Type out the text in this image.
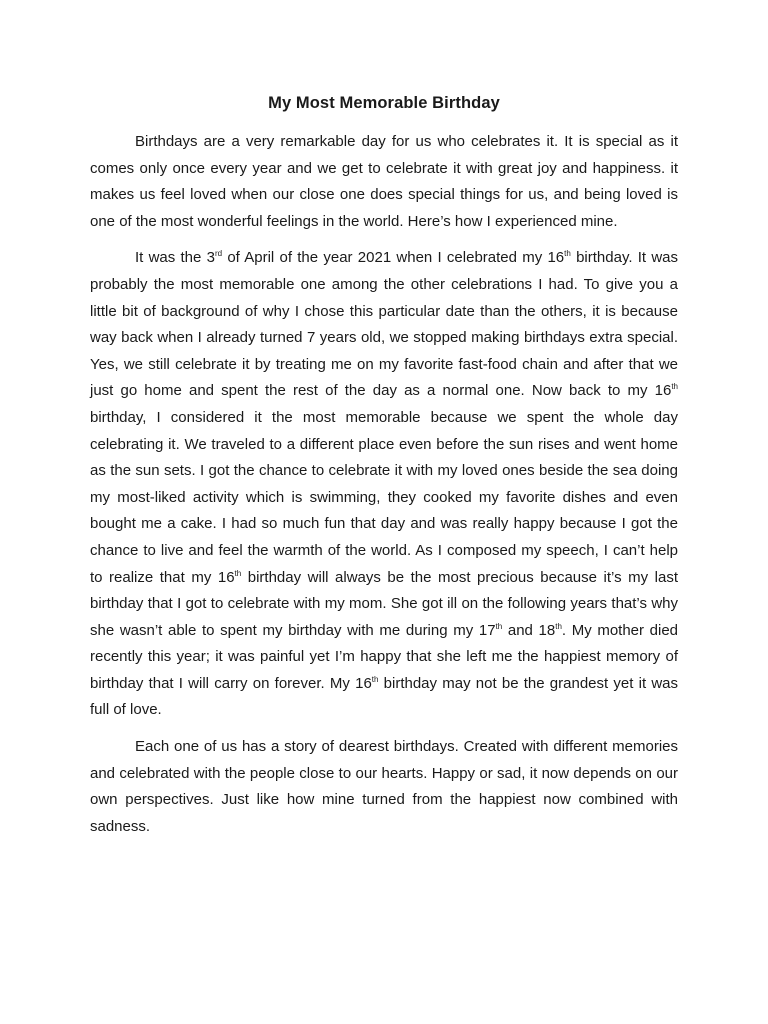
My Most Memorable Birthday

Birthdays are a very remarkable day for us who celebrates it. It is special as it comes only once every year and we get to celebrate it with great joy and happiness. it makes us feel loved when our close one does special things for us, and being loved is one of the most wonderful feelings in the world. Here’s how I experienced mine.

It was the 3rd of April of the year 2021 when I celebrated my 16th birthday. It was probably the most memorable one among the other celebrations I had. To give you a little bit of background of why I chose this particular date than the others, it is because way back when I already turned 7 years old, we stopped making birthdays extra special. Yes, we still celebrate it by treating me on my favorite fast-food chain and after that we just go home and spent the rest of the day as a normal one. Now back to my 16th birthday, I considered it the most memorable because we spent the whole day celebrating it. We traveled to a different place even before the sun rises and went home as the sun sets. I got the chance to celebrate it with my loved ones beside the sea doing my most-liked activity which is swimming, they cooked my favorite dishes and even bought me a cake. I had so much fun that day and was really happy because I got the chance to live and feel the warmth of the world. As I composed my speech, I can’t help to realize that my 16th birthday will always be the most precious because it’s my last birthday that I got to celebrate with my mom. She got ill on the following years that’s why she wasn’t able to spent my birthday with me during my 17th and 18th. My mother died recently this year; it was painful yet I’m happy that she left me the happiest memory of birthday that I will carry on forever. My 16th birthday may not be the grandest yet it was full of love.

Each one of us has a story of dearest birthdays. Created with different memories and celebrated with the people close to our hearts. Happy or sad, it now depends on our own perspectives. Just like how mine turned from the happiest now combined with sadness.
